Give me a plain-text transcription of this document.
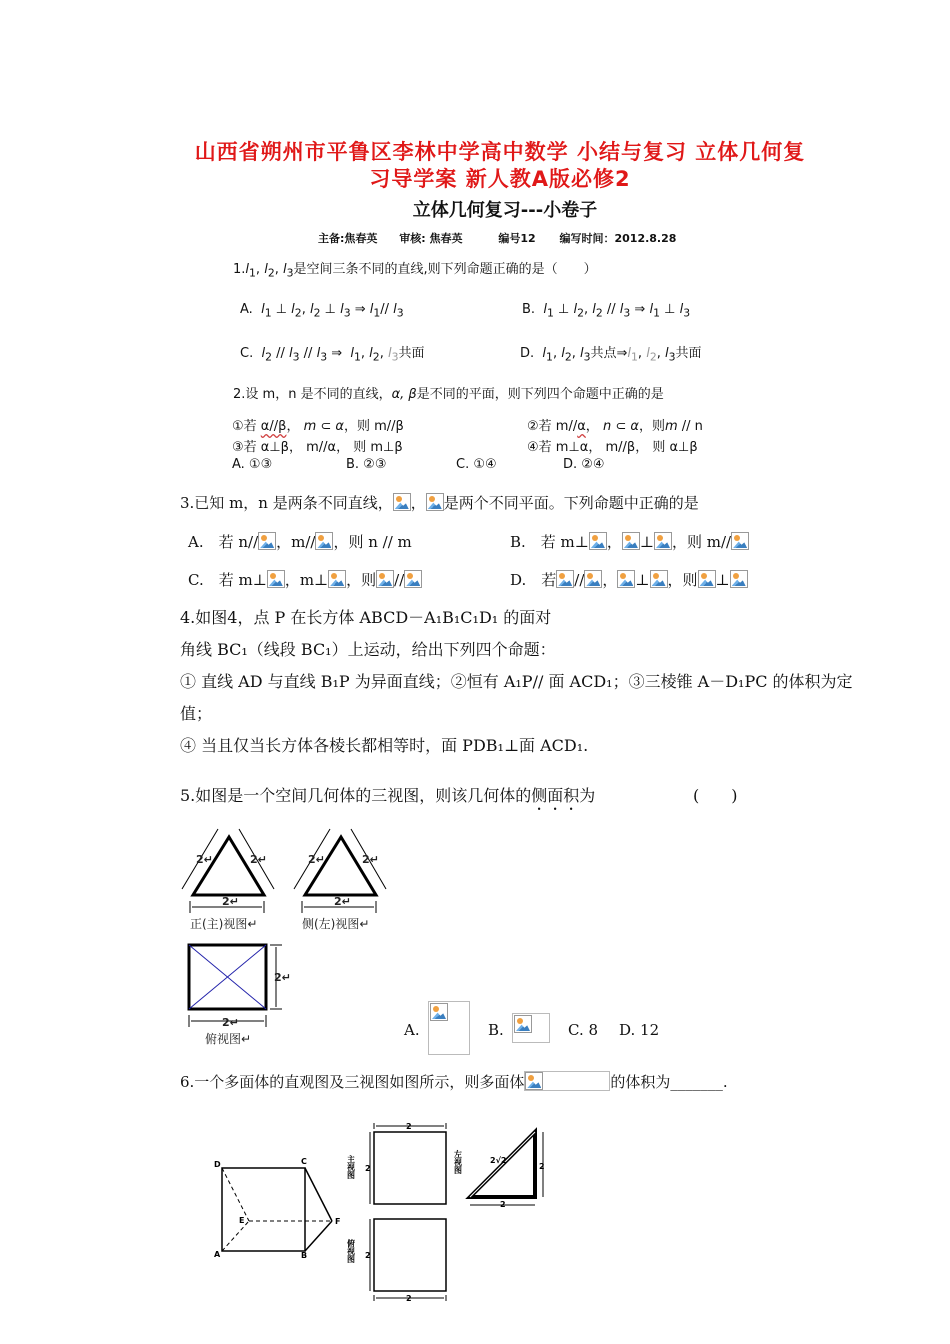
山西省朔州市平鲁区李林中学高中数学 小结与复习 立体几何复
习导学案 新人教A版必修2
立体几何复习---小卷子
主备:焦春英 审核: 焦春英	编号12 编写时间：2012.8.28
$1.l_1$, $l_2$, $l_3$是空间三条不同的直线,则下列命题正确的是（　　）
A. $l_1$ ⊥ $l_2$, $l_2$ ⊥ $l_3$ ⇒ $l_1//$ $l_3$	B. $l_1$ ⊥ $l_2$, $l_2 // l_3$ ⇒ $l_1$ ⊥ $l_3$
C. $l_2 // l_3 // l_3$ ⇒  $l_1$, $l_2$, $l_3$共面	D. $l_1$, $l_2$, $l_3$共点$\Rightarrow l_1$, $l_2$, $l_3$共面
2.设 m，n 是不同的直线，α, β是不同的平面，则下列四个命题中正确的是
①若 α//β， m ⊂ α，则 m//β	②若 m//α， n ⊂ α，则m // n
③若 α⊥β， m//α， 则 m⊥β	④若 m⊥α， m//β， 则 α⊥β
A. ①③	B. ②③	C. ①④	D. ②④
3.已知 m，n 是两条不同直线， ， 是两个不同平面。下列命题中正确的是
A.　若 n// ，m// ，则 n // m	B.　若 m⊥ ， ⊥ ，则 m//
C.　若 m⊥ ，m⊥ ，则 //	D.　若 // ， ⊥ ，则 ⊥
4.如图4，点 P 在长方体 ABCD－A₁B₁C₁D₁ 的面对
角线 BC₁（线段 BC₁）上运动，给出下列四个命题：
① 直线 AD 与直线 B₁P 为异面直线；②恒有 A₁P// 面 ACD₁；③三棱锥 A－D₁PC 的体积为定
值；
④ 当且仅当长方体各棱长都相等时，面 PDB₁⊥面 ACD₁.
5.如图是一个空间几何体的三视图，则该几何体的侧面积为	(　　)
2↵	2↵
2↵
正(主)视图↵
2↵	2↵
2↵
侧(左)视图↵
2↵
2↵
俯视图↵	A.	B.	C. 8 D. 12
6.一个多面体的直观图及三视图如图所示，则多面体	的体积为_______.
D	C
A	B
F
E
2
2
主视图	2
2
2√2
左视图
2
2
俯视图
